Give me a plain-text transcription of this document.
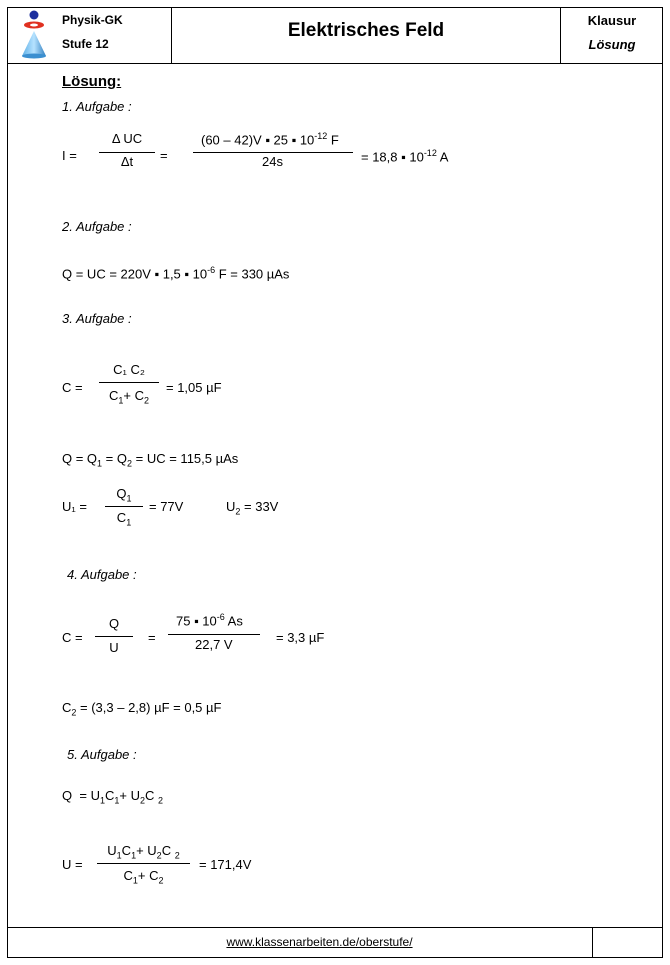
Physik-GK
Stufe 12
Elektrisches Feld	Klausur
Lösung
Lösung:
1. Aufgabe :
I =
Δ UC
Δt	=
(60 – 42)V ▪ 25 ▪ $10^{-12}$ F
24s	= 18,8 ▪ $10^{-12}$ A
2. Aufgabe :
Q = UC = 220V ▪ 1,5 ▪ $10^{-6}$ F = 330 µAs
3. Aufgabe :
C =
C₁ C₂
$C_1+ C_2$
= 1,05 µF
$Q = Q_1 = Q_2$ = UC = 115,5 µAs
U₁ =
$Q_1$
$C_1$
= 77V	$U_2 = 33V$
4. Aufgabe :
C =
Q
U
=
75 ▪ $10^{-6}$ As
22,7 V	= 3,3 µF
$C_2 = (3,3 - 2,8) \mu F = 0,5$ µF
5. Aufgabe :
$Q = U_1C_1+ U_2C$ $_2$
U =
$U_1C_1+ U_2C$ $_2$
$C_1+ C_2$
= 171,4V
www.klassenarbeiten.de/oberstufe/
